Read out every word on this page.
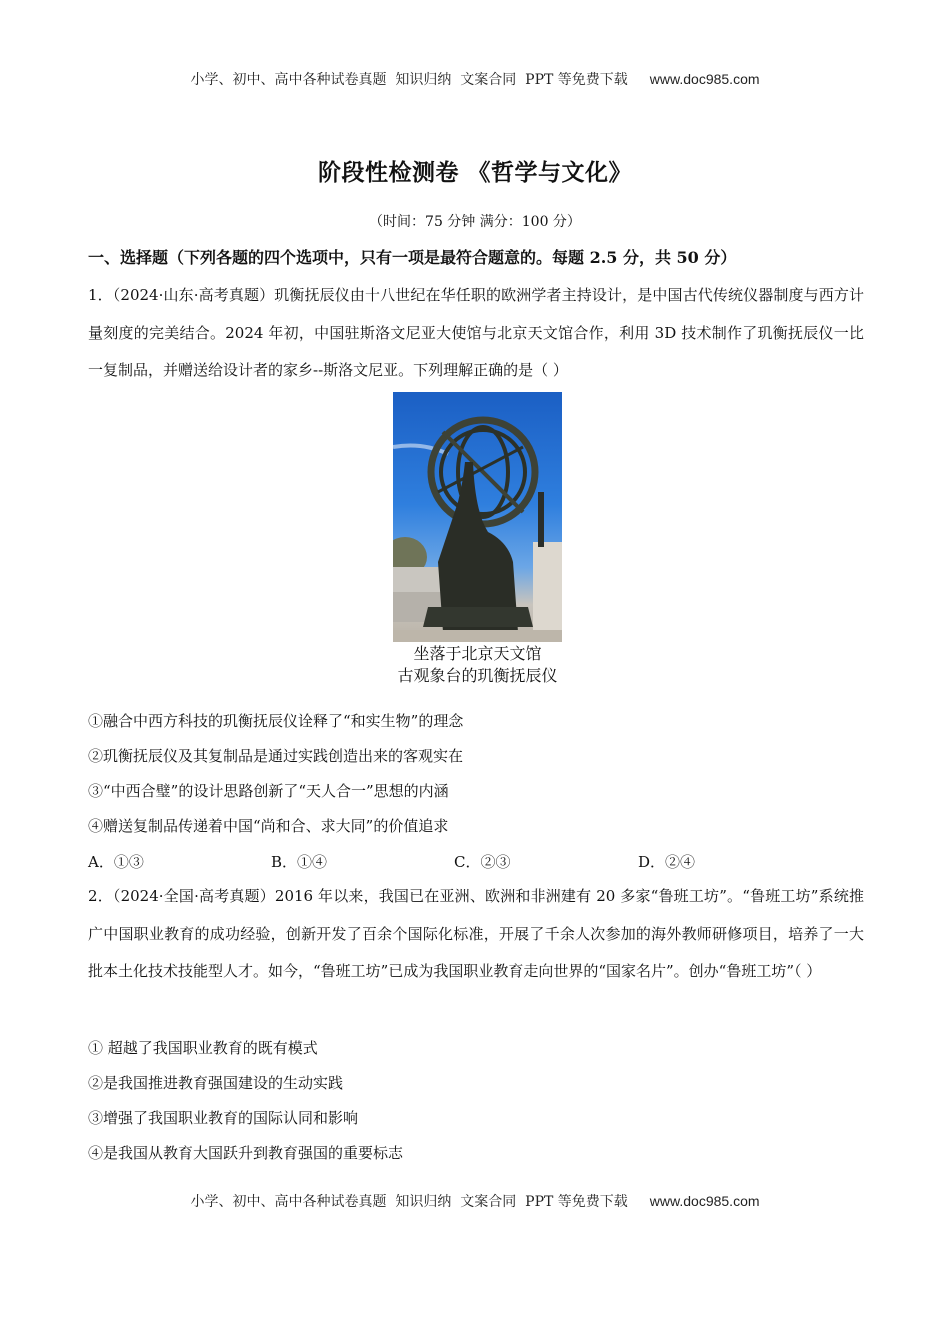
小学、初中、高中各种试卷真题  知识归纳  文案合同  PPT 等免费下载 www.doc985.com
阶段性检测卷 《哲学与文化》
（时间：75 分钟 满分：100 分）
一、选择题（下列各题的四个选项中，只有一项是最符合题意的。每题 2.5 分，共 50 分）
1．（2024·山东·高考真题）玑衡抚辰仪由十八世纪在华任职的欧洲学者主持设计，是中国古代传统仪器制度与西方计量刻度的完美结合。2024 年初，中国驻斯洛文尼亚大使馆与北京天文馆合作，利用 3D 技术制作了玑衡抚辰仪一比一复制品，并赠送给设计者的家乡--斯洛文尼亚。下列理解正确的是（ ）
坐落于北京天文馆
古观象台的玑衡抚辰仪
①融合中西方科技的玑衡抚辰仪诠释了“和实生物”的理念
②玑衡抚辰仪及其复制品是通过实践创造出来的客观实在
③“中西合璧”的设计思路创新了“天人合一”思想的内涵
④赠送复制品传递着中国“尚和合、求大同”的价值追求
A．①③	B．①④	C．②③	D．②④
2．（2024·全国·高考真题）2016 年以来，我国已在亚洲、欧洲和非洲建有 20 多家“鲁班工坊”。“鲁班工坊”系统推广中国职业教育的成功经验，创新开发了百余个国际化标准，开展了千余人次参加的海外教师研修项目，培养了一大批本土化技术技能型人才。如今，“鲁班工坊”已成为我国职业教育走向世界的“国家名片”。创办“鲁班工坊”（ ）
① 超越了我国职业教育的既有模式
②是我国推进教育强国建设的生动实践
③增强了我国职业教育的国际认同和影响
④是我国从教育大国跃升到教育强国的重要标志
小学、初中、高中各种试卷真题  知识归纳  文案合同  PPT 等免费下载 www.doc985.com
